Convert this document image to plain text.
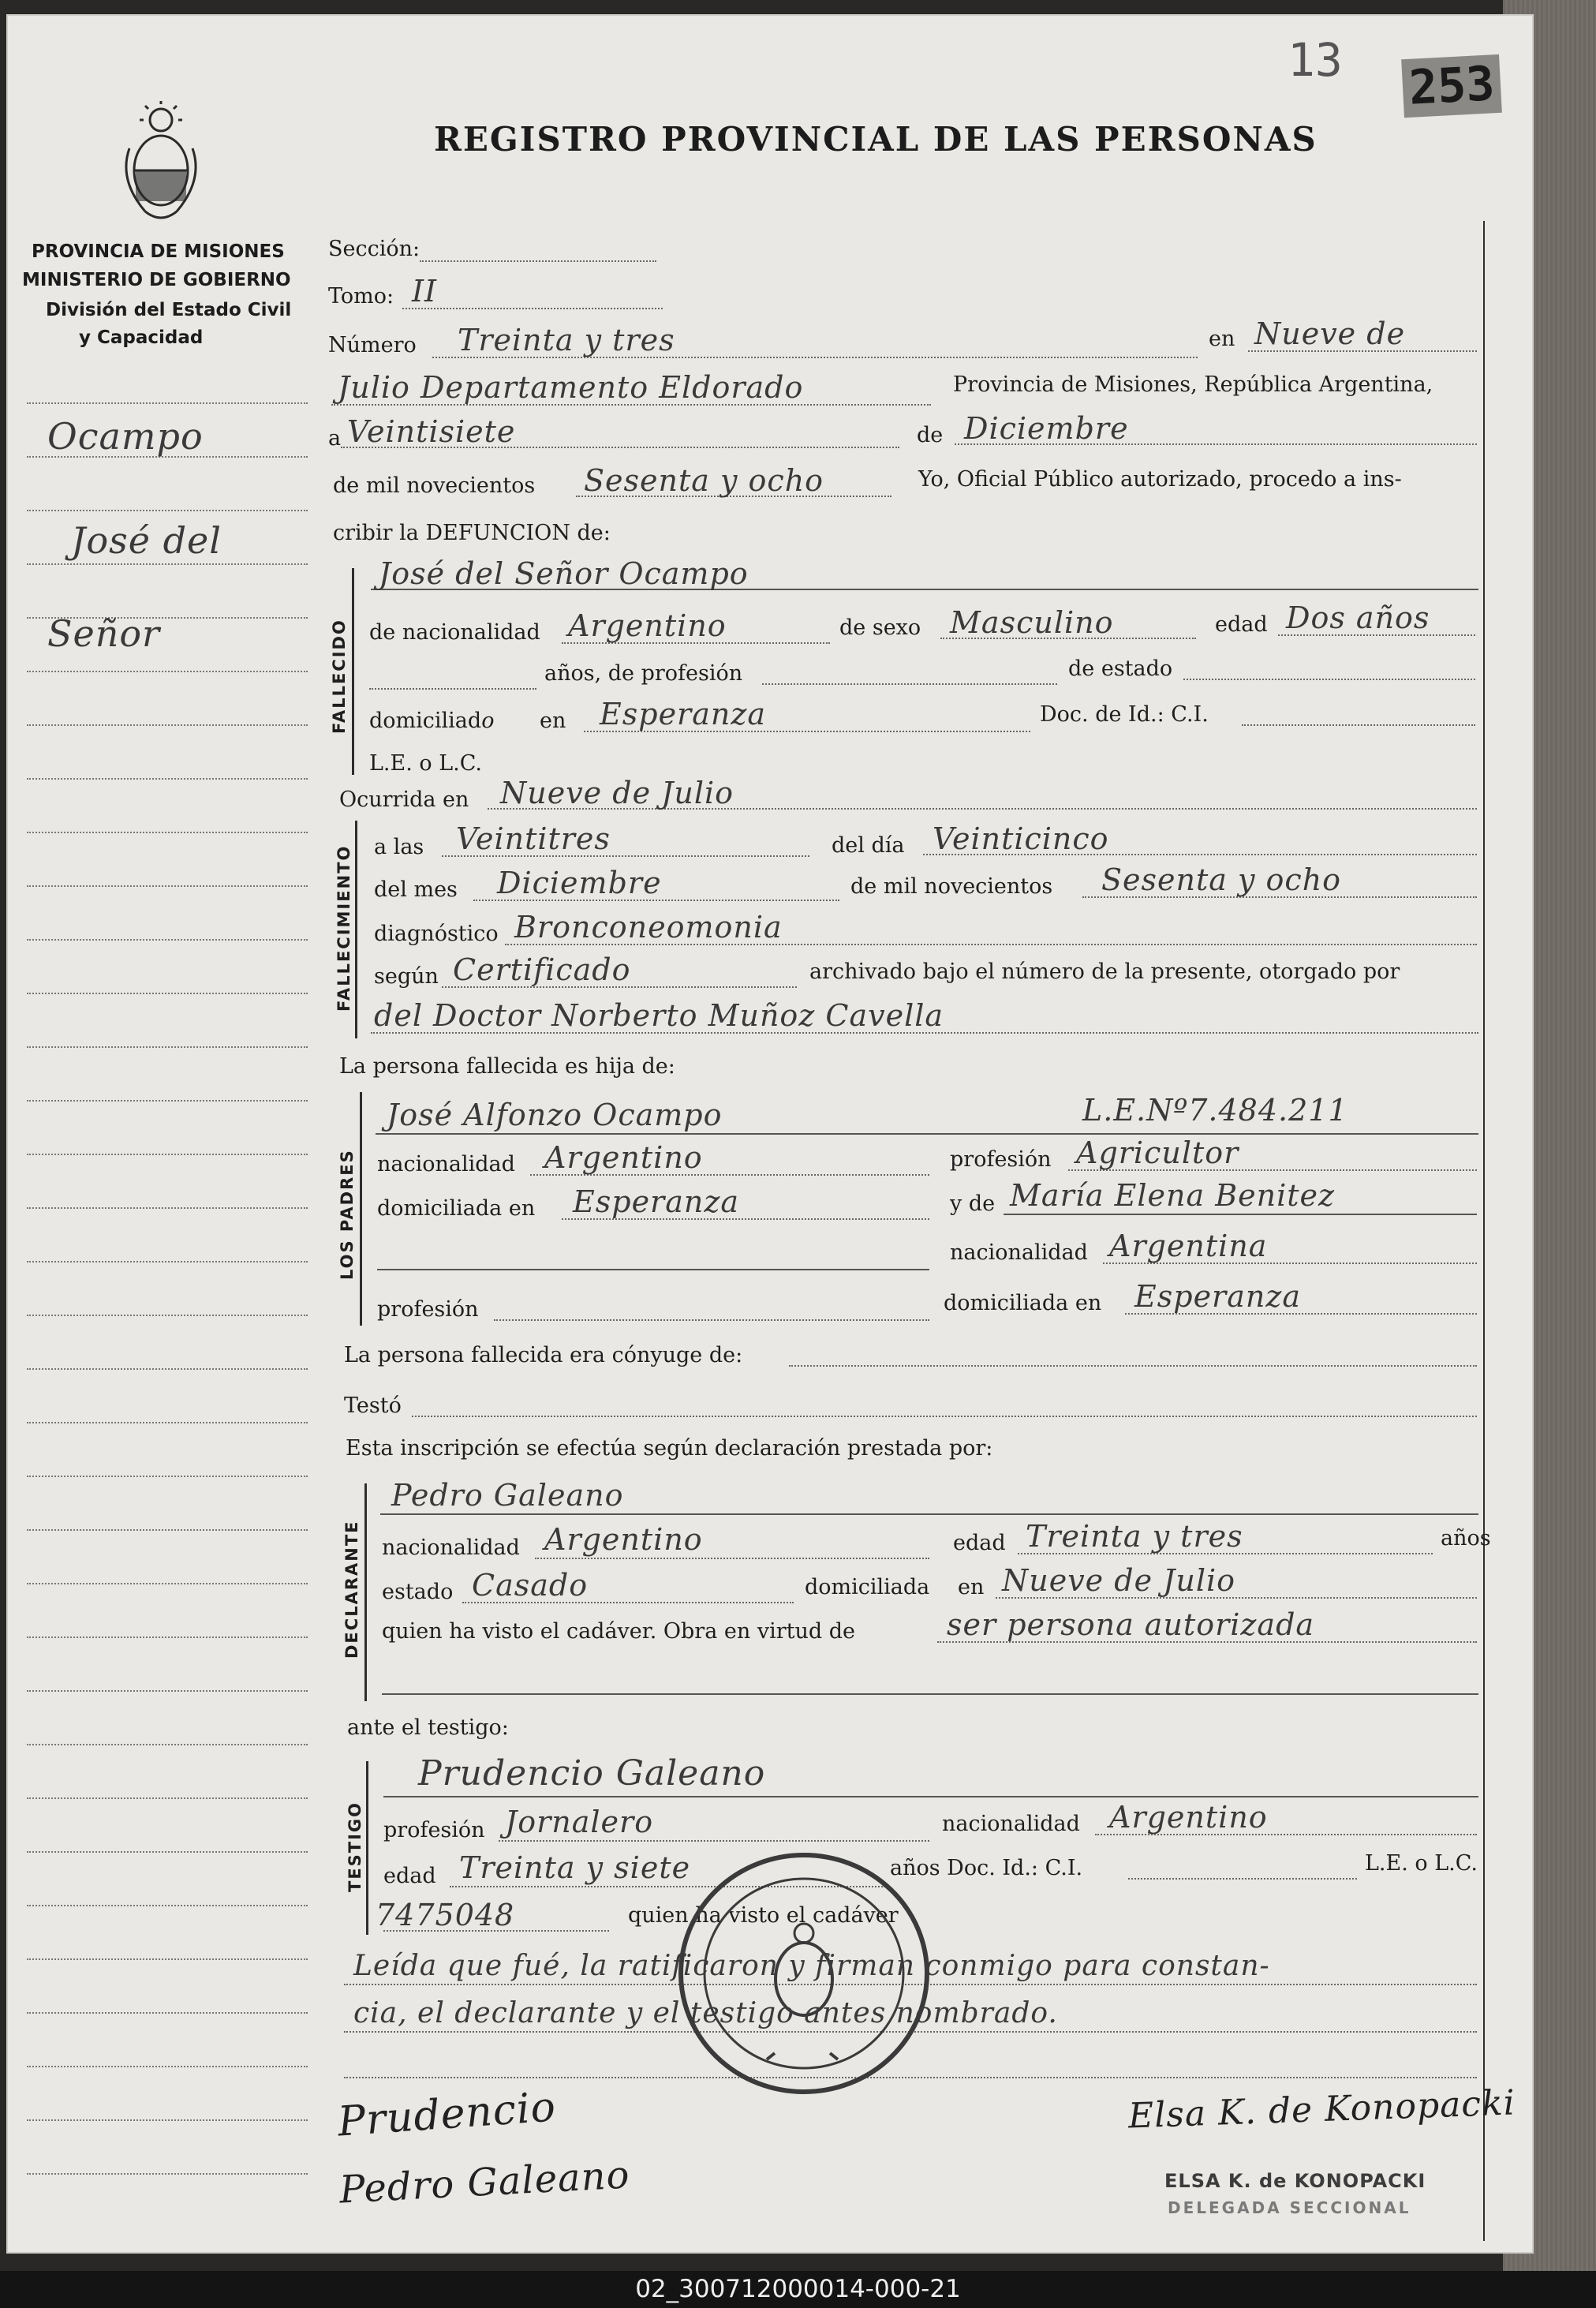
13 253
PROVINCIA DE MISIONES
MINISTERIO DE GOBIERNO
División del Estado Civil
y Capacidad
REGISTRO PROVINCIAL DE LAS PERSONAS
Ocampo
José del
Señor
Sección:
Tomo: II
Número Treinta y tres	en Nueve de
Julio Departamento Eldorado	Provincia de Misiones, República Argentina,
a Veintisiete	de Diciembre
de mil novecientos Sesenta y ocho	Yo, Oficial Público autorizado, procedo a ins-
cribir la DEFUNCION de:
FALLECIDO
José del Señor Ocampo
de nacionalidad Argentino	de sexo Masculino	edad Dos años
años, de profesión	de estado
domiciliado en Esperanza	Doc. de Id.: C.I.
L.E. o L.C.
Ocurrida en Nueve de Julio
FALLECIMIENTO a las Veintitres	del día Veinticinco
del mes Diciembre	de mil novecientos Sesenta y ocho
diagnóstico Bronconeomonia
según Certificado	archivado bajo el número de la presente, otorgado por
del Doctor Norberto Muñoz Cavella
La persona fallecida es hija de:
LOS PADRES
José Alfonzo Ocampo	L.E.Nº7.484.211
nacionalidad Argentino	profesión Agricultor
domiciliada en Esperanza	y de María Elena Benitez
nacionalidad Argentina
profesión	domiciliada en Esperanza
La persona fallecida era cónyuge de:
Testó
Esta inscripción se efectúa según declaración prestada por:
DECLARANTE
Pedro Galeano
nacionalidad Argentino	edad Treinta y tres	años
estado Casado	domiciliada en Nueve de Julio
quien ha visto el cadáver. Obra en virtud de	ser persona autorizada
ante el testigo:
TESTIGO
Prudencio Galeano
profesión Jornalero	nacionalidad Argentino
edad Treinta y siete	años Doc. Id.: C.I.	L.E. o L.C.
7475048	quien ha visto el cadáver
Leída que fué, la ratificaron y firman conmigo para constan-
cia, el declarante y el testigo antes nombrado.
Prudencio
Pedro Galeano
Elsa K. de Konopacki
ELSA K. de KONOPACKI
DELEGADA SECCIONAL
02_300712000014-000-21
